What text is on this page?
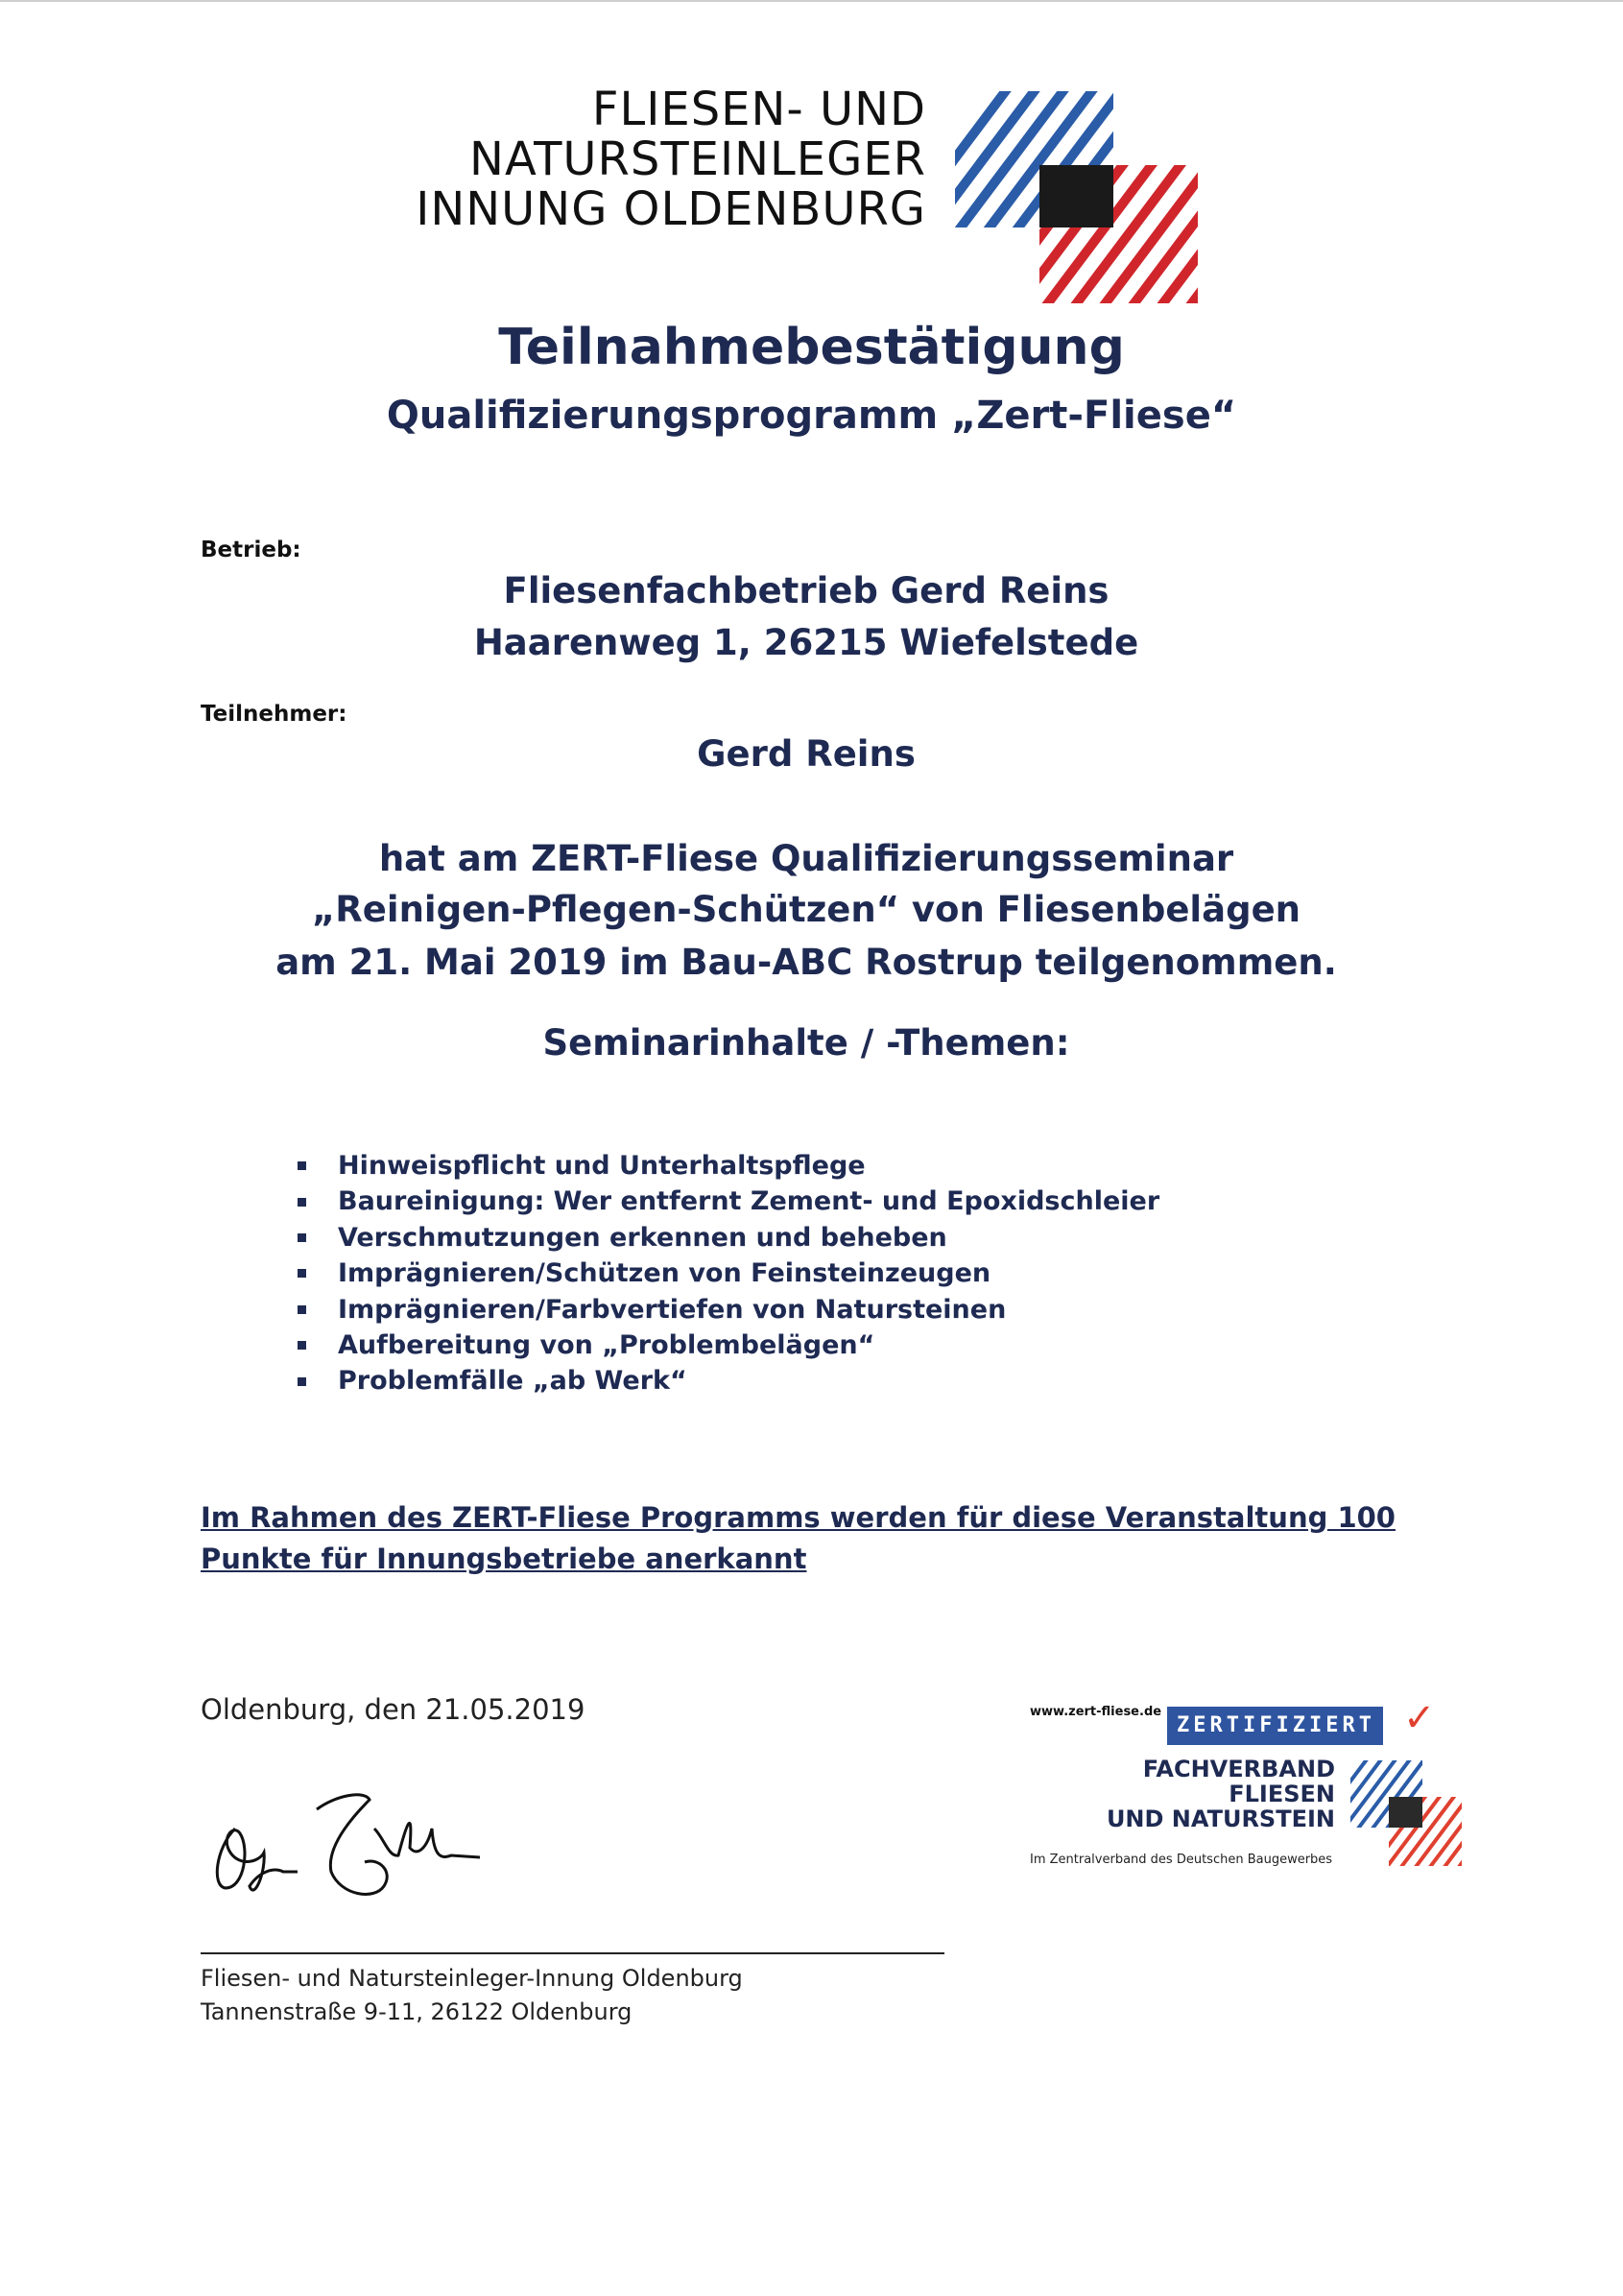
FLIESEN- UND
NATURSTEINLEGER
INNUNG OLDENBURG
Teilnahmebestätigung
Qualifizierungsprogramm „Zert-Fliese“
Betrieb:
Fliesenfachbetrieb Gerd Reins
Haarenweg 1, 26215 Wiefelstede
Teilnehmer:
Gerd Reins
hat am ZERT-Fliese Qualifizierungsseminar
„Reinigen-Pflegen-Schützen“ von Fliesenbelägen
am 21. Mai 2019 im Bau-ABC Rostrup teilgenommen.
Seminarinhalte / -Themen:
Hinweispflicht und Unterhaltspflege
Baureinigung: Wer entfernt Zement- und Epoxidschleier
Verschmutzungen erkennen und beheben
Imprägnieren/Schützen von Feinsteinzeugen
Imprägnieren/Farbvertiefen von Natursteinen
Aufbereitung von „Problembelägen“
Problemfälle „ab Werk“
Im Rahmen des ZERT-Fliese Programms werden für diese Veranstaltung 100 Punkte für Innungsbetriebe anerkannt
Oldenburg, den 21.05.2019
Fliesen- und Natursteinleger-Innung Oldenburg
Tannenstraße 9-11, 26122 Oldenburg
www.zert-fliese.de
ZERTIFIZIERT ✓
FACHVERBAND
FLIESEN
UND NATURSTEIN
Im Zentralverband des Deutschen Baugewerbes
